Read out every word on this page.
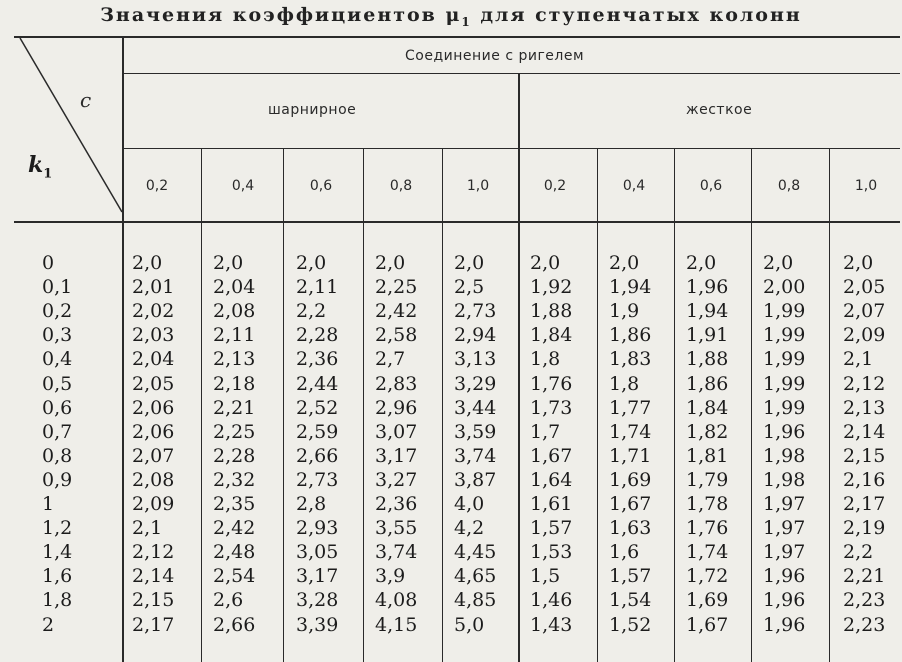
Значения коэффициентов $\mu_1$ для ступенчатых колонн
c
$k_1$
Соединение с ригелем
шарнирное	жесткое
0,2	0,4	0,6	0,8	1,0	0,2	0,4	0,6	0,8	1,0
0	2,0	2,0	2,0	2,0	2,0 2,0	2,0 2,0 2,0	2,0
0,1	2,01 2,04 2,11 2,25 2,5 1,92 1,94 1,96 2,00 2,05
0,2	2,02 2,08 2,2	2,42 2,73 1,88 1,9 1,94 1,99 2,07
0,3	2,03 2,11 2,28 2,58 2,94 1,84 1,86 1,91 1,99 2,09
0,4	2,04 2,13 2,36 2,7	3,13 1,8	1,83 1,88 1,99 2,1
0,5	2,05 2,18 2,44 2,83 3,29 1,76 1,8 1,86 1,99 2,12
0,6	2,06 2,21 2,52 2,96 3,44 1,73 1,77 1,84 1,99 2,13
0,7	2,06 2,25 2,59 3,07 3,59 1,7	1,74 1,82 1,96 2,14
0,8	2,07 2,28 2,66 3,17 3,74 1,67 1,71 1,81 1,98 2,15
0,9	2,08 2,32 2,73 3,27 3,87 1,64 1,69 1,79 1,98 2,16
1	2,09 2,35 2,8	2,36 4,0 1,61 1,67 1,78 1,97 2,17
1,2	2,1	2,42 2,93 3,55 4,2 1,57 1,63 1,76 1,97 2,19
1,4	2,12 2,48 3,05 3,74 4,45 1,53 1,6 1,74 1,97 2,2
1,6	2,14 2,54 3,17 3,9	4,65 1,5	1,57 1,72 1,96 2,21
1,8	2,15 2,6	3,28 4,08 4,85 1,46 1,54 1,69 1,96 2,23
2	2,17 2,66 3,39 4,15 5,0 1,43 1,52 1,67 1,96 2,23
